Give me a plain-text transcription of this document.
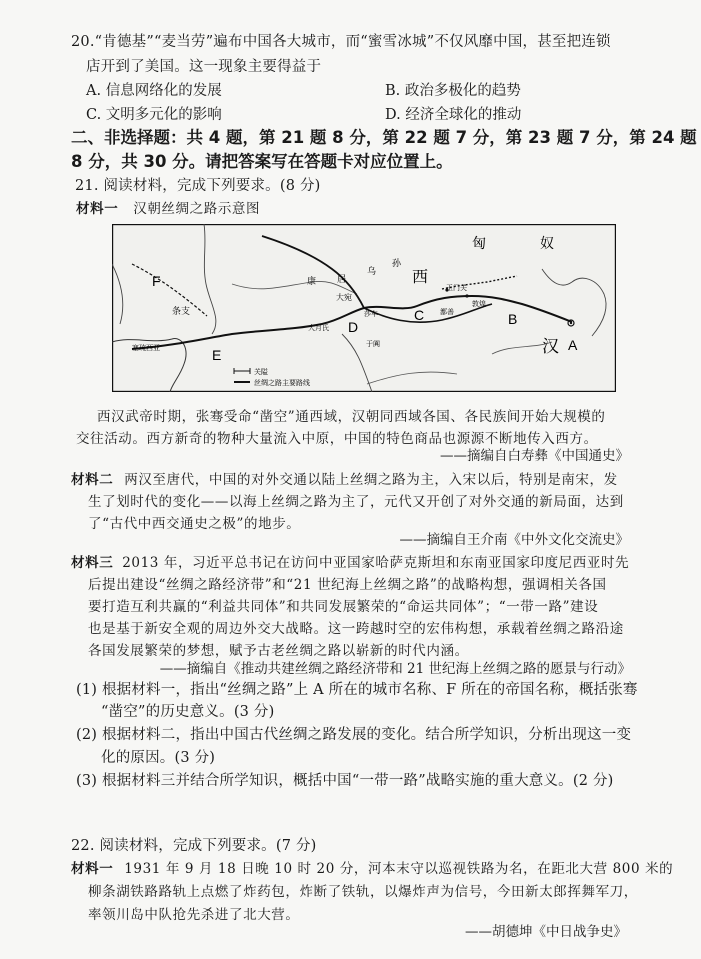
20.“肯德基”“麦当劳”遍布中国各大城市，而“蜜雪冰城”不仅风靡中国，甚至把连锁
店开到了美国。这一现象主要得益于
A. 信息网络化的发展	B. 政治多极化的趋势
C. 文明多元化的影响	D. 经济全球化的推动
二、非选择题：共 4 题，第 21 题 8 分，第 22 题 7 分，第 23 题 7 分，第 24 题
8 分，共 30 分。请把答案写在答题卡对应位置上。
21. 阅读材料，完成下列要求。(8 分)
材料一 汉朝丝绸之路示意图
匈	奴
西
汉
康 居
乌
孙
大宛
玉门关
敦煌
莎车
于阗
鄯善
大月氏
条支
塞琉西亚
F
E
D
C	B
A
关隘
丝绸之路主要路线
西汉武帝时期，张骞受命“凿空”通西域，汉朝同西域各国、各民族间开始大规模的
交往活动。西方新奇的物种大量流入中原，中国的特色商品也源源不断地传入西方。
——摘编自白寿彝《中国通史》
材料二 两汉至唐代，中国的对外交通以陆上丝绸之路为主，入宋以后，特别是南宋，发
生了划时代的变化——以海上丝绸之路为主了，元代又开创了对外交通的新局面，达到
了“古代中西交通史之极”的地步。
——摘编自王介南《中外文化交流史》
材料三 2013 年，习近平总书记在访问中亚国家哈萨克斯坦和东南亚国家印度尼西亚时先
后提出建设“丝绸之路经济带”和“21 世纪海上丝绸之路”的战略构想，强调相关各国
要打造互利共赢的“利益共同体”和共同发展繁荣的“命运共同体”；“一带一路”建设
也是基于新安全观的周边外交大战略。这一跨越时空的宏伟构想，承载着丝绸之路沿途
各国发展繁荣的梦想，赋予古老丝绸之路以崭新的时代内涵。
——摘编自《推动共建丝绸之路经济带和 21 世纪海上丝绸之路的愿景与行动》
(1) 根据材料一，指出“丝绸之路”上 A 所在的城市名称、F 所在的帝国名称，概括张骞
“凿空”的历史意义。(3 分)
(2) 根据材料二，指出中国古代丝绸之路发展的变化。结合所学知识，分析出现这一变
化的原因。(3 分)
(3) 根据材料三并结合所学知识，概括中国“一带一路”战略实施的重大意义。(2 分)
22. 阅读材料，完成下列要求。(7 分)
材料一 1931 年 9 月 18 日晚 10 时 20 分，河本末守以巡视铁路为名，在距北大营 800 米的
柳条湖铁路路轨上点燃了炸药包，炸断了铁轨，以爆炸声为信号，今田新太郎挥舞军刀，
率领川岛中队抢先杀进了北大营。
——胡德坤《中日战争史》
